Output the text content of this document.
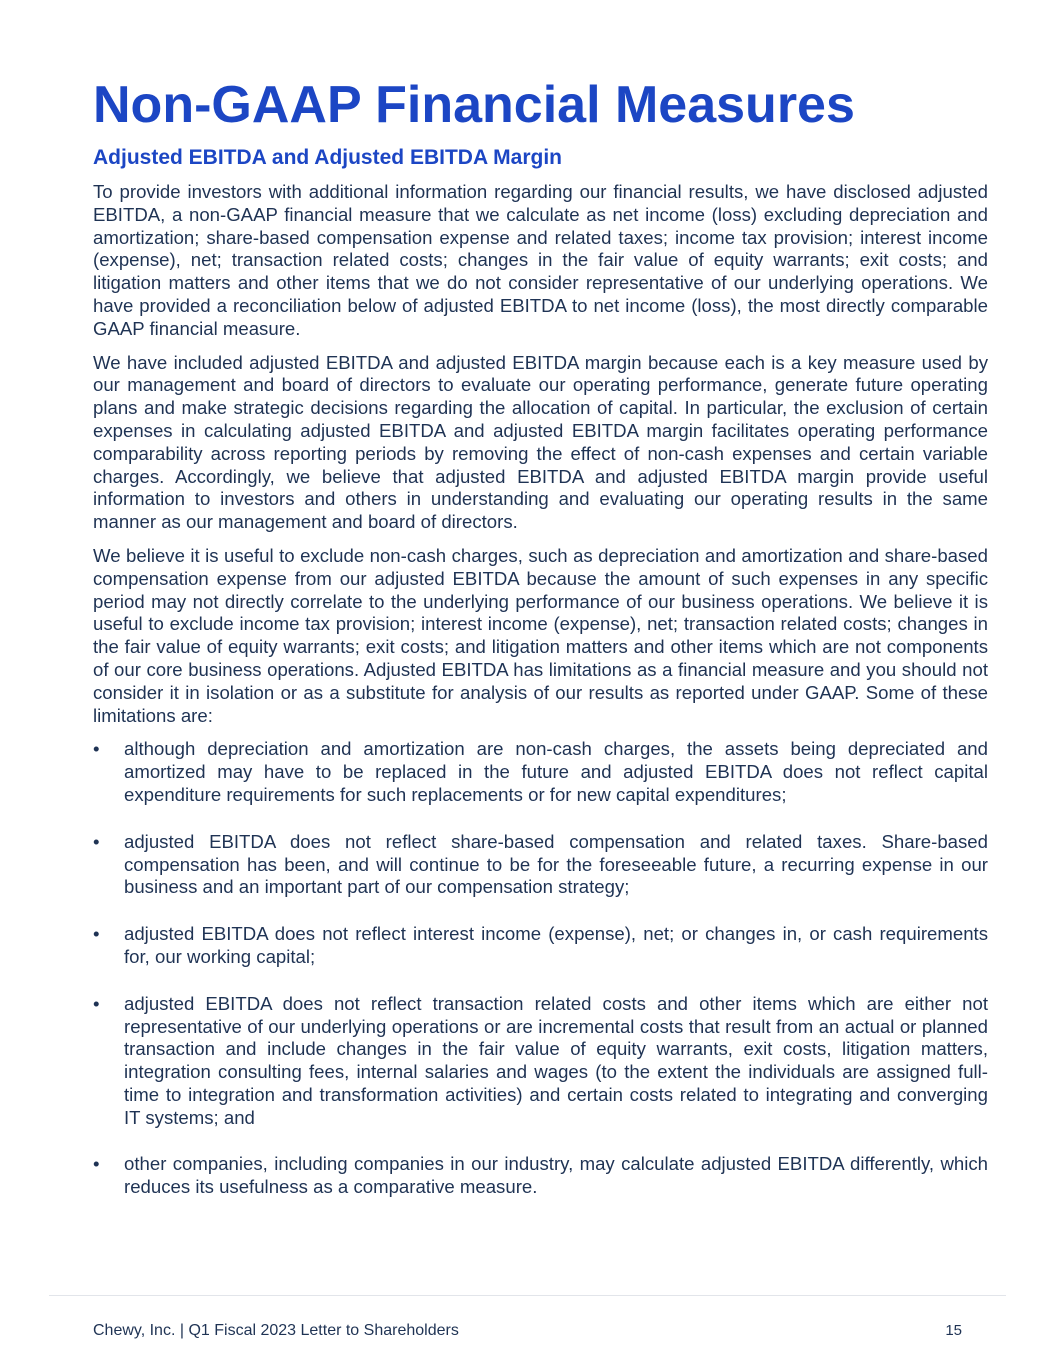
Non-GAAP Financial Measures
Adjusted EBITDA and Adjusted EBITDA Margin

To provide investors with additional information regarding our financial results, we have disclosed adjusted EBITDA, a non-GAAP financial measure that we calculate as net income (loss) excluding depreciation and amortization; share-based compensation expense and related taxes; income tax provision; interest income (expense), net; transaction related costs; changes in the fair value of equity warrants; exit costs; and litigation matters and other items that we do not consider representative of our underlying operations. We have provided a reconciliation below of adjusted EBITDA to net income (loss), the most directly comparable GAAP financial measure.

We have included adjusted EBITDA and adjusted EBITDA margin because each is a key measure used by our management and board of directors to evaluate our operating performance, generate future operating plans and make strategic decisions regarding the allocation of capital. In particular, the exclusion of certain expenses in calculating adjusted EBITDA and adjusted EBITDA margin facilitates operating performance comparability across reporting periods by removing the effect of non-cash expenses and certain variable charges. Accordingly, we believe that adjusted EBITDA and adjusted EBITDA margin provide useful information to investors and others in understanding and evaluating our operating results in the same manner as our management and board of directors.

We believe it is useful to exclude non-cash charges, such as depreciation and amortization and share-based compensation expense from our adjusted EBITDA because the amount of such expenses in any specific period may not directly correlate to the underlying performance of our business operations. We believe it is useful to exclude income tax provision; interest income (expense), net; transaction related costs; changes in the fair value of equity warrants; exit costs; and litigation matters and other items which are not components of our core business operations. Adjusted EBITDA has limitations as a financial measure and you should not consider it in isolation or as a substitute for analysis of our results as reported under GAAP. Some of these limitations are:

• although depreciation and amortization are non-cash charges, the assets being depreciated and amortized may have to be replaced in the future and adjusted EBITDA does not reflect capital expenditure requirements for such replacements or for new capital expenditures;
• adjusted EBITDA does not reflect share-based compensation and related taxes. Share-based compensation has been, and will continue to be for the foreseeable future, a recurring expense in our business and an important part of our compensation strategy;
• adjusted EBITDA does not reflect interest income (expense), net; or changes in, or cash requirements for, our working capital;
• adjusted EBITDA does not reflect transaction related costs and other items which are either not representative of our underlying operations or are incremental costs that result from an actual or planned transaction and include changes in the fair value of equity warrants, exit costs, litigation matters, integration consulting fees, internal salaries and wages (to the extent the individuals are assigned full-time to integration and transformation activities) and certain costs related to integrating and converging IT systems; and
• other companies, including companies in our industry, may calculate adjusted EBITDA differently, which reduces its usefulness as a comparative measure.
Chewy, Inc. | Q1 Fiscal 2023 Letter to Shareholders	15
